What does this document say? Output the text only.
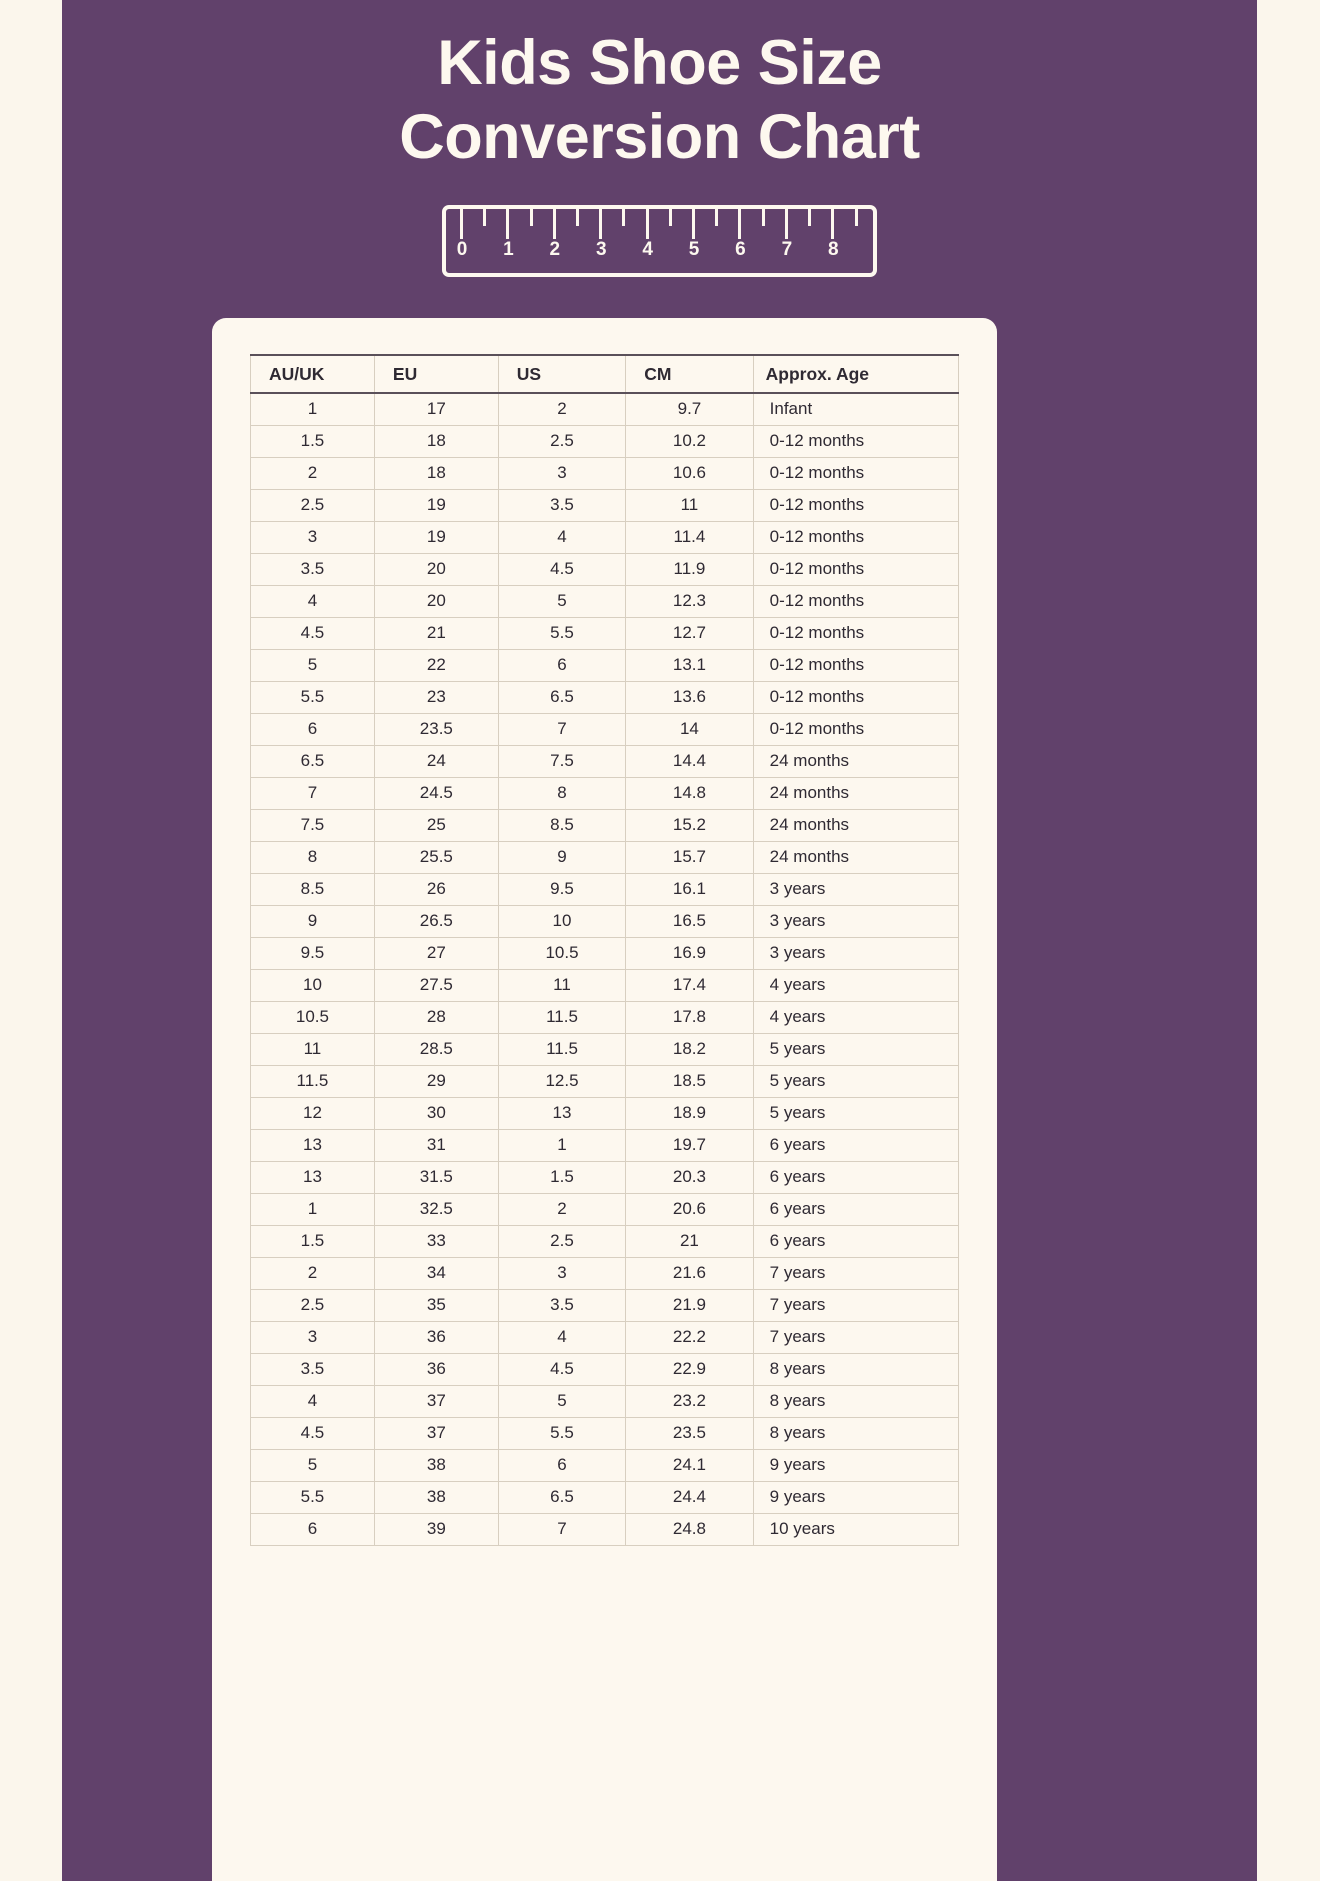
Kids Shoe Size
Conversion Chart
0 1 2 3 4 5 6 7 8
AU/UK	EU	US	CM	Approx. Age
1	17	2	9.7	Infant
1.5	18	2.5	10.2	0-12 months
2	18	3	10.6	0-12 months
2.5	19	3.5	11	0-12 months
3	19	4	11.4	0-12 months
3.5	20	4.5	11.9	0-12 months
4	20	5	12.3	0-12 months
4.5	21	5.5	12.7	0-12 months
5	22	6	13.1	0-12 months
5.5	23	6.5	13.6	0-12 months
6	23.5	7	14	0-12 months
6.5	24	7.5	14.4	24 months
7	24.5	8	14.8	24 months
7.5	25	8.5	15.2	24 months
8	25.5	9	15.7	24 months
8.5	26	9.5	16.1	3 years
9	26.5	10	16.5	3 years
9.5	27	10.5	16.9	3 years
10	27.5	11	17.4	4 years
10.5	28	11.5	17.8	4 years
11	28.5	11.5	18.2	5 years
11.5	29	12.5	18.5	5 years
12	30	13	18.9	5 years
13	31	1	19.7	6 years
13	31.5	1.5	20.3	6 years
1	32.5	2	20.6	6 years
1.5	33	2.5	21	6 years
2	34	3	21.6	7 years
2.5	35	3.5	21.9	7 years
3	36	4	22.2	7 years
3.5	36	4.5	22.9	8 years
4	37	5	23.2	8 years
4.5	37	5.5	23.5	8 years
5	38	6	24.1	9 years
5.5	38	6.5	24.4	9 years
6	39	7	24.8	10 years
